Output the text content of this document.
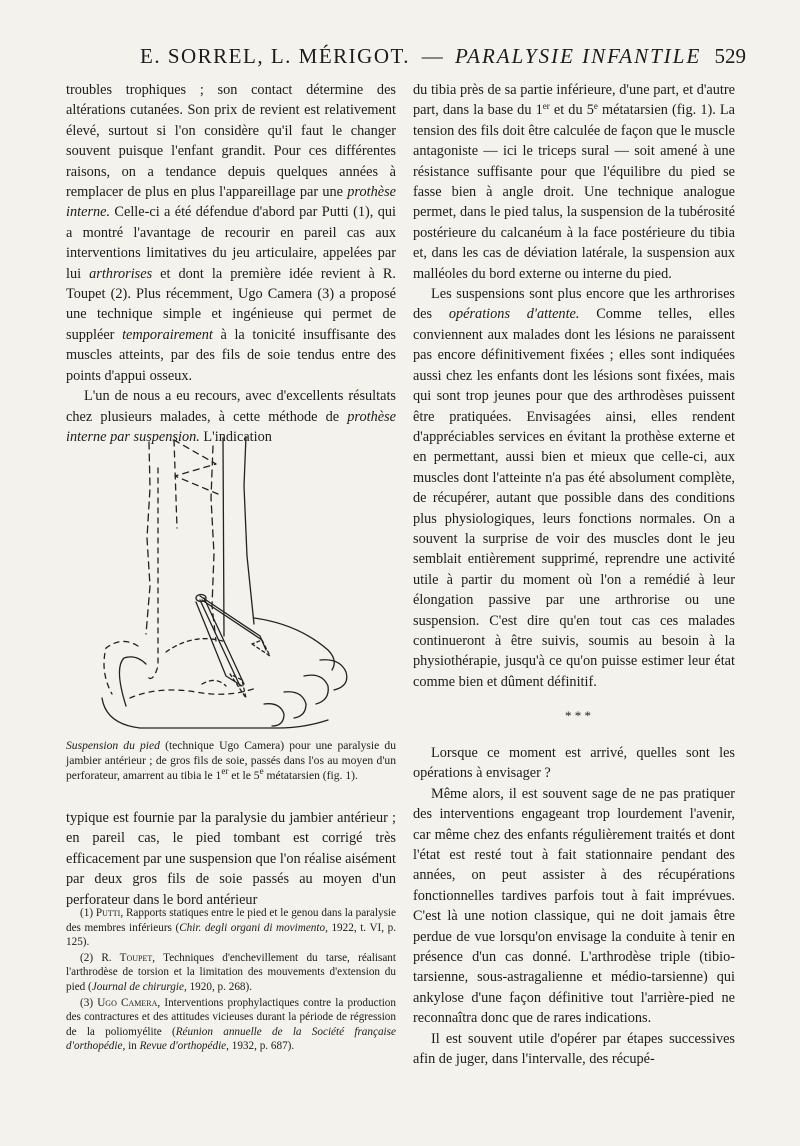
E. SORREL, L. MÉRIGOT. — PARALYSIE INFANTILE 529

troubles trophiques ; son contact détermine des altérations cutanées. Son prix de revient est relativement élevé, surtout si l'on considère qu'il faut le changer souvent puisque l'enfant grandit. Pour ces différentes raisons, on a tendance depuis quelques années à remplacer de plus en plus l'appareillage par une prothèse interne. Celle-ci a été défendue d'abord par Putti (1), qui a montré l'avantage de recourir en pareil cas aux interventions limitatives du jeu articulaire, appelées par lui arthrorises et dont la première idée revient à R. Toupet (2). Plus récemment, Ugo Camera (3) a proposé une technique simple et ingénieuse qui permet de suppléer temporairement à la tonicité insuffisante des muscles atteints, par des fils de soie tendus entre des points d'appui osseux.

L'un de nous a eu recours, avec d'excellents résultats chez plusieurs malades, à cette méthode de prothèse interne par suspension. L'indication

Suspension du pied (technique Ugo Camera) pour une paralysie du jambier antérieur ; de gros fils de soie, passés dans l'os au moyen d'un perforateur, amarrent au tibia le 1er et le 5e métatarsien (fig. 1).
typique est fournie par la paralysie du jambier antérieur ; en pareil cas, le pied tombant est corrigé très efficacement par une suspension que l'on réalise aisément par deux gros fils de soie passés au moyen d'un perforateur dans le bord antérieur

(1) Putti, Rapports statiques entre le pied et le genou dans la paralysie des membres inférieurs (Chir. degli organi di movimento, 1922, t. VI, p. 125).

(2) R. Toupet, Techniques d'enchevillement du tarse, réalisant l'arthrodèse de torsion et la limitation des mouvements d'extension du pied (Journal de chirurgie, 1920, p. 268).

(3) Ugo Camera, Interventions prophylactiques contre la production des contractures et des attitudes vicieuses durant la période de régression de la poliomyélite (Réunion annuelle de la Société française d'orthopédie, in Revue d'orthopédie, 1932, p. 687).

du tibia près de sa partie inférieure, d'une part, et d'autre part, dans la base du 1er et du 5e métatarsien (fig. 1). La tension des fils doit être calculée de façon que le muscle antagoniste — ici le triceps sural — soit amené à une résistance suffisante pour que l'équilibre du pied se fasse bien à angle droit. Une technique analogue permet, dans le pied talus, la suspension de la tubérosité postérieure du calcanéum à la face postérieure du tibia et, dans les cas de déviation latérale, la suspension aux malléoles du bord externe ou interne du pied.

Les suspensions sont plus encore que les arthrorises des opérations d'attente. Comme telles, elles conviennent aux malades dont les lésions ne paraissent pas encore définitivement fixées ; elles sont indiquées aussi chez les enfants dont les lésions sont fixées, mais qui sont trop jeunes pour que des arthrodèses puissent être pratiquées. Envisagées ainsi, elles rendent d'appréciables services en évitant la prothèse externe et en permettant, aussi bien et mieux que celle-ci, aux muscles dont l'atteinte n'a pas été absolument complète, de récupérer, autant que possible dans des conditions plus physiologiques, leurs fonctions normales. On a souvent la surprise de voir des muscles dont le jeu semblait entièrement supprimé, reprendre une activité utile à partir du moment où l'on a remédié à leur élongation passive par une arthrorise ou une suspension. C'est dire qu'en tout cas ces malades continueront à être suivis, soumis au besoin à la physiothérapie, jusqu'à ce qu'on puisse estimer leur état comme bien et dûment définitif.

* * *

Lorsque ce moment est arrivé, quelles sont les opérations à envisager ?

Même alors, il est souvent sage de ne pas pratiquer des interventions engageant trop lourdement l'avenir, car même chez des enfants régulièrement traités et dont l'état est resté tout à fait stationnaire pendant des années, on peut assister à des récupérations fonctionnelles tardives parfois tout à fait imprévues. C'est là une notion classique, qui ne doit jamais être perdue de vue lorsqu'on envisage la conduite à tenir en présence d'un cas donné. L'arthrodèse triple (tibio-tarsienne, sous-astragalienne et médio-tarsienne) qui ankylose d'une façon définitive tout l'arrière-pied ne reconnaîtra donc que de rares indications.

Il est souvent utile d'opérer par étapes successives afin de juger, dans l'intervalle, des récupé-
